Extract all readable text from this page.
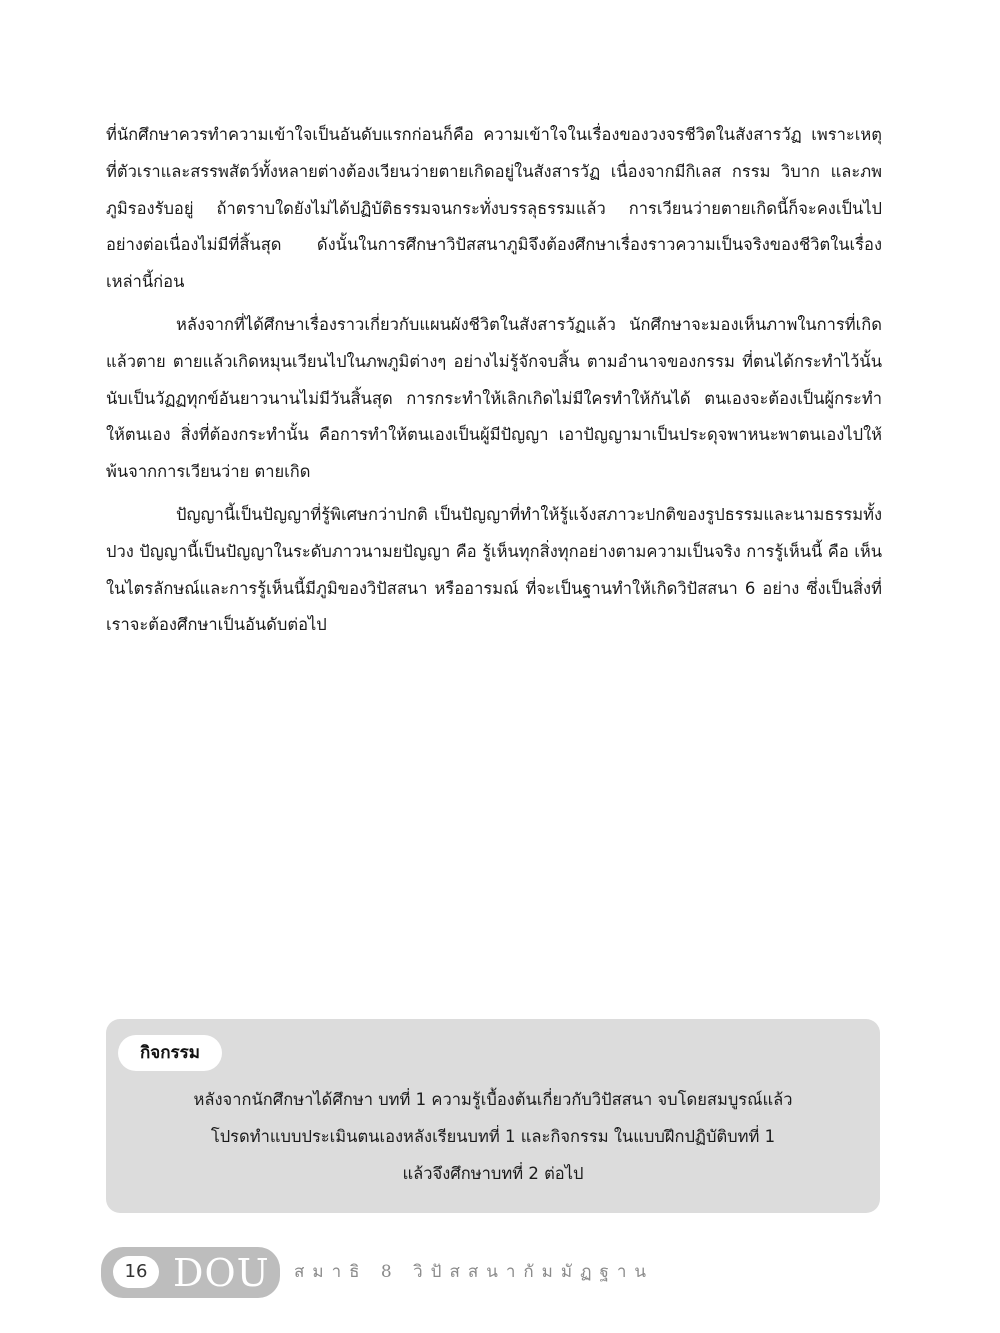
ที่นักศึกษาควรทำความเข้าใจเป็นอันดับแรกก่อนก็คือ ความเข้าใจในเรื่องของวงจรชีวิตในสังสารวัฏ เพราะเหตุที่ตัวเราและสรรพสัตว์ทั้งหลายต่างต้องเวียนว่ายตายเกิดอยู่ในสังสารวัฏ เนื่องจากมีกิเลส กรรม วิบาก และภพภูมิรองรับอยู่ ถ้าตราบใดยังไม่ได้ปฏิบัติธรรมจนกระทั่งบรรลุธรรมแล้ว การเวียนว่ายตายเกิดนี้ก็จะคงเป็นไปอย่างต่อเนื่องไม่มีที่สิ้นสุด ดังนั้นในการศึกษาวิปัสสนาภูมิจึงต้องศึกษาเรื่องราวความเป็นจริงของชีวิตในเรื่องเหล่านี้ก่อน

หลังจากที่ได้ศึกษาเรื่องราวเกี่ยวกับแผนผังชีวิตในสังสารวัฏแล้ว นักศึกษาจะมองเห็นภาพในการที่เกิดแล้วตาย ตายแล้วเกิดหมุนเวียนไปในภพภูมิต่างๆ อย่างไม่รู้จักจบสิ้น ตามอำนาจของกรรม ที่ตนได้กระทำไว้นั้น นับเป็นวัฏฏทุกข์อันยาวนานไม่มีวันสิ้นสุด การกระทำให้เลิกเกิดไม่มีใครทำให้กันได้ ตนเองจะต้องเป็นผู้กระทำให้ตนเอง สิ่งที่ต้องกระทำนั้น คือการทำให้ตนเองเป็นผู้มีปัญญา เอาปัญญามาเป็นประดุจพาหนะพาตนเองไปให้พ้นจากการเวียนว่าย ตายเกิด

ปัญญานี้เป็นปัญญาที่รู้พิเศษกว่าปกติ เป็นปัญญาที่ทำให้รู้แจ้งสภาวะปกติของรูปธรรมและนามธรรมทั้งปวง ปัญญานี้เป็นปัญญาในระดับภาวนามยปัญญา คือ รู้เห็นทุกสิ่งทุกอย่างตามความเป็นจริง การรู้เห็นนี้ คือ เห็นในไตรลักษณ์และการรู้เห็นนี้มีภูมิของวิปัสสนา หรืออารมณ์ ที่จะเป็นฐานทำให้เกิดวิปัสสนา 6 อย่าง ซึ่งเป็นสิ่งที่เราจะต้องศึกษาเป็นอันดับต่อไป

กิจกรรม
หลังจากนักศึกษาได้ศึกษา บทที่ 1 ความรู้เบื้องต้นเกี่ยวกับวิปัสสนา จบโดยสมบูรณ์แล้ว
โปรดทำแบบประเมินตนเองหลังเรียนบทที่ 1 และกิจกรรม ในแบบฝึกปฏิบัติบทที่ 1
แล้วจึงศึกษาบทที่ 2 ต่อไป
16 DOU สมาธิ 8 วิปัสสนากัมมัฏฐาน
